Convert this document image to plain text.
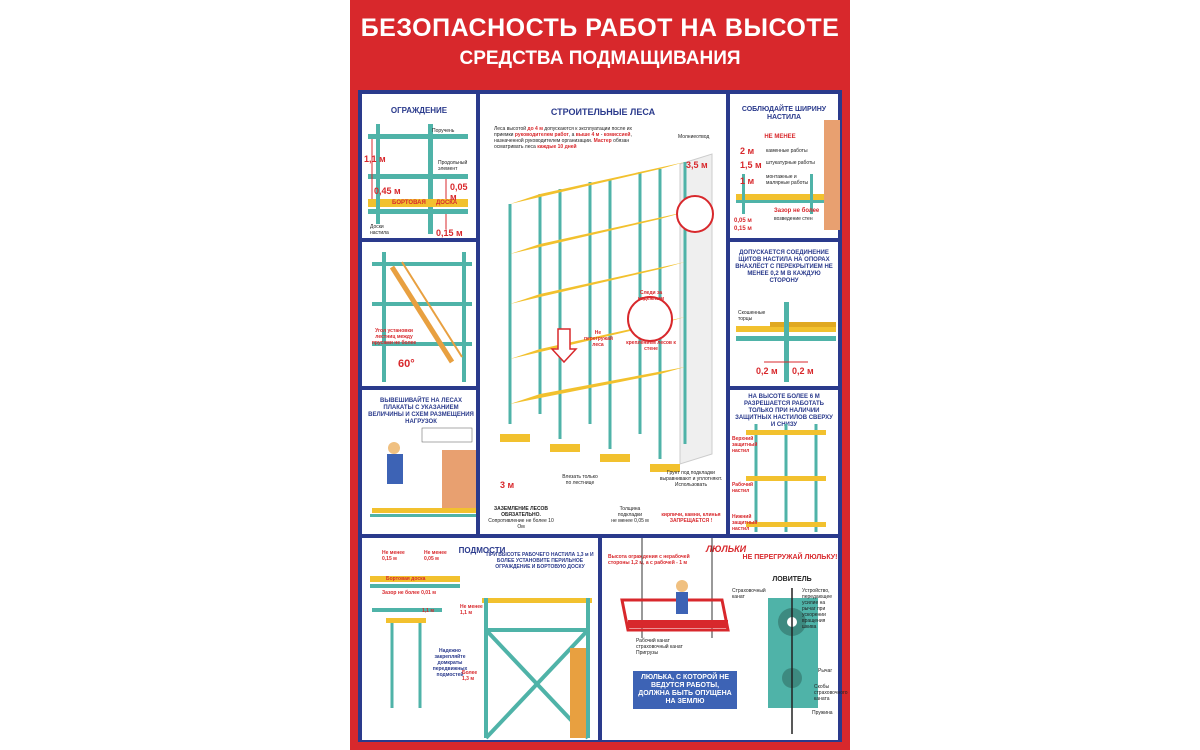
БЕЗОПАСНОСТЬ РАБОТ НА ВЫСОТЕ
СРЕДСТВА ПОДМАЩИВАНИЯ
ОГРАЖДЕНИЕ
Поручень
Продольный элемент
1,1 м
0,45 м	0,05 м
БОРТОВАЯ ДОСКА
Доски настила	0,15 м
Угол установки лестниц между прусами не более
60°
ВЫВЕШИВАЙТЕ НА ЛЕСАХ ПЛАКАТЫ С УКАЗАНИЕМ ВЕЛИЧИНЫ И СХЕМ РАЗМЕЩЕНИЯ НАГРУЗОК
СТРОИТЕЛЬНЫЕ ЛЕСА
Леса высотой до 4 м допускаются к эксплуатации после их приемки руководителем работ, а выше 4 м - комиссией, назначенной руководителем организации. Мастер обязан осматривать леса каждые 10 дней
Молниеотвод
3,5 м
Следи за надёжным
креплением лесов к стене
Не перегружай леса
3 м
Влезать только по лестнице
ЗАЗЕМЛЕНИЕ ЛЕСОВ ОБЯЗАТЕЛЬНО.
Сопротивление не более 10 Ом
Толщина подкладки
не менее 0,05 м
Грунт под подкладки выравнивают и уплотняют. Использовать
кирпичи, камни, клинья ЗАПРЕЩАЕТСЯ !
СОБЛЮДАЙТЕ ШИРИНУ НАСТИЛА
НЕ МЕНЕЕ
2 м каменные работы
1,5 м штукатурные работы
1 м монтажные и малярные работы
Зазор не более
возведение стен
0,05 м
0,15 м
ДОПУСКАЕТСЯ СОЕДИНЕНИЕ ЩИТОВ НАСТИЛА НА ОПОРАХ ВНАХЛЁСТ С ПЕРЕКРЫТИЕМ НЕ МЕНЕЕ 0,2 М В КАЖДУЮ СТОРОНУ
Скошенные торцы
0,2 м 0,2 м
НА ВЫСОТЕ БОЛЕЕ 6 М РАЗРЕШАЕТСЯ РАБОТАТЬ ТОЛЬКО ПРИ НАЛИЧИИ ЗАЩИТНЫХ НАСТИЛОВ СВЕРХУ И СНИЗУ
Верхний защитный настил
Рабочий настил
Нижний защитный настил
ПОДМОСТИ
ПРИ ВЫСОТЕ РАБОЧЕГО НАСТИЛА 1,3 м И БОЛЕЕ УСТАНОВИТЕ ПЕРИЛЬНОЕ ОГРАЖДЕНИЕ И БОРТОВУЮ ДОСКУ
Не менее 0,15 м
Не менее 0,05 м
Бортовая доска
Зазор не более 0,01 м
1,1 м
Не менее 1,1 м
Надежно закрепляйте домкраты передвижных подмостей
Более 1,3 м
Высота ограждения с нерабочей стороны 1,2 м, а с рабочей - 1 м
ЛЮЛЬКИ
Рабочий канат
страховочный канат
Пригрузы
ЛЮЛЬКА, С КОТОРОЙ НЕ ВЕДУТСЯ РАБОТЫ, ДОЛЖНА БЫТЬ ОПУЩЕНА НА ЗЕМЛЮ
НЕ ПЕРЕГРУЖАЙ ЛЮЛЬКУ!
ЛОВИТЕЛЬ
Страховочный канат
Устройство, передающее усилие на рычаг при ускорении вращения шкива
Рычаг
Скобы страховочного каната
Пружина
